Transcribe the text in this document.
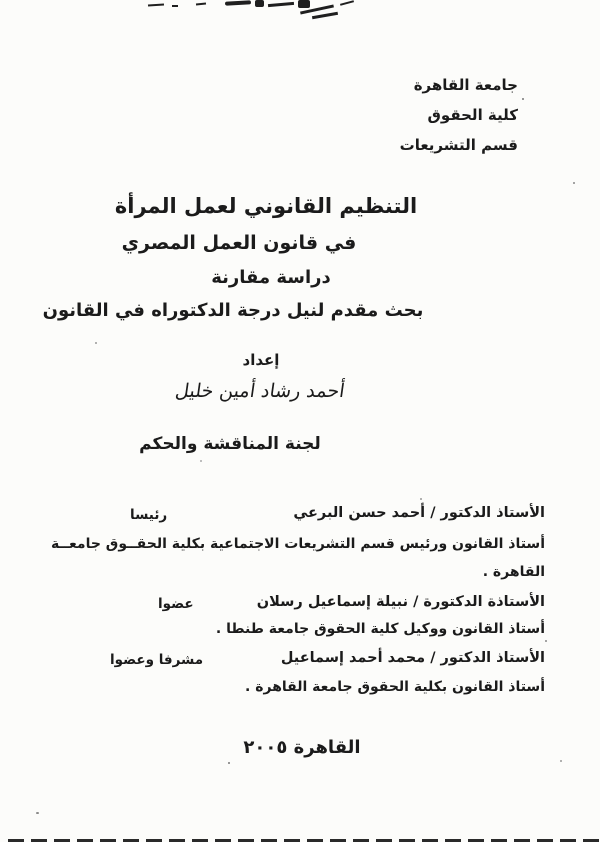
جامعة القاهرة
كلية الحقوق
قسم التشريعات
التنظيم القانوني لعمل المرأة
في قانون العمل المصري
دراسة مقارنة
بحث مقدم لنيل درجة الدكتوراه في القانون
إعداد
أحمد رشاد أمين خليل
لجنة المناقشة والحكم
الأستاذ الدكتور / أحمد حسن البرعي
رئيسا
أستاذ القانون ورئيس قسم التشريعات الاجتماعية بكلية الحقــوق جامعــة
القاهرة .
الأستاذة الدكتورة / نبيلة إسماعيل رسلان
عضوا
أستاذ القانون ووكيل كلية الحقوق جامعة طنطا .
الأستاذ الدكتور / محمد أحمد إسماعيل
مشرفا وعضوا
أستاذ القانون بكلية الحقوق جامعة القاهرة .
القاهرة ٢٠٠٥
